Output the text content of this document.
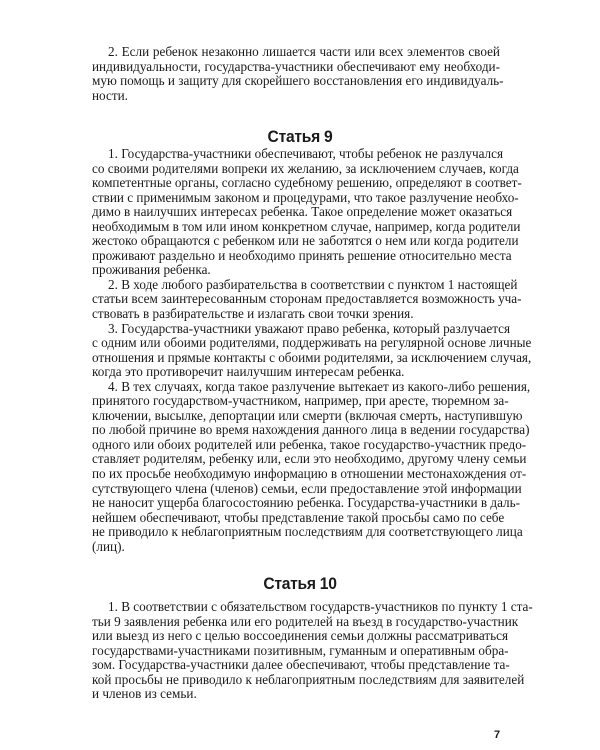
2. Если ребенок незаконно лишается части или всех элементов своей
индивидуальности, государства-участники обеспечивают ему необходи-
мую помощь и защиту для скорейшего восстановления его индивидуаль-
ности.
Статья 9
1. Государства-участники обеспечивают, чтобы ребенок не разлучался
со своими родителями вопреки их желанию, за исключением случаев, когда
компетентные органы, согласно судебному решению, определяют в соответ-
ствии с применимым законом и процедурами, что такое разлучение необхо-
димо в наилучших интересах ребенка. Такое определение может оказаться
необходимым в том или ином конкретном случае, например, когда родители
жестоко обращаются с ребенком или не заботятся о нем или когда родители
проживают раздельно и необходимо принять решение относительно места
проживания ребенка.
2. В ходе любого разбирательства в соответствии с пунктом 1 настоящей
статьи всем заинтересованным сторонам предоставляется возможность уча-
ствовать в разбирательстве и излагать свои точки зрения.
3. Государства-участники уважают право ребенка, который разлучается
с одним или обоими родителями, поддерживать на регулярной основе личные
отношения и прямые контакты с обоими родителями, за исключением случая,
когда это противоречит наилучшим интересам ребенка.
4. В тех случаях, когда такое разлучение вытекает из какого-либо решения,
принятого государством-участником, например, при аресте, тюремном за-
ключении, высылке, депортации или смерти (включая смерть, наступившую
по любой причине во время нахождения данного лица в ведении государства)
одного или обоих родителей или ребенка, такое государство-участник предо-
ставляет родителям, ребенку или, если это необходимо, другому члену семьи
по их просьбе необходимую информацию в отношении местонахождения от-
сутствующего члена (членов) семьи, если предоставление этой информации
не наносит ущерба благосостоянию ребенка. Государства-участники в даль-
нейшем обеспечивают, чтобы представление такой просьбы само по себе
не приводило к неблагоприятным последствиям для соответствующего лица
(лиц).
Статья 10
1. В соответствии с обязательством государств-участников по пункту 1 ста-
тьи 9 заявления ребенка или его родителей на въезд в государство-участник
или выезд из него с целью воссоединения семьи должны рассматриваться
государствами-участниками позитивным, гуманным и оперативным обра-
зом. Государства-участники далее обеспечивают, чтобы представление та-
кой просьбы не приводило к неблагоприятным последствиям для заявителей
и членов из семьи.
7
